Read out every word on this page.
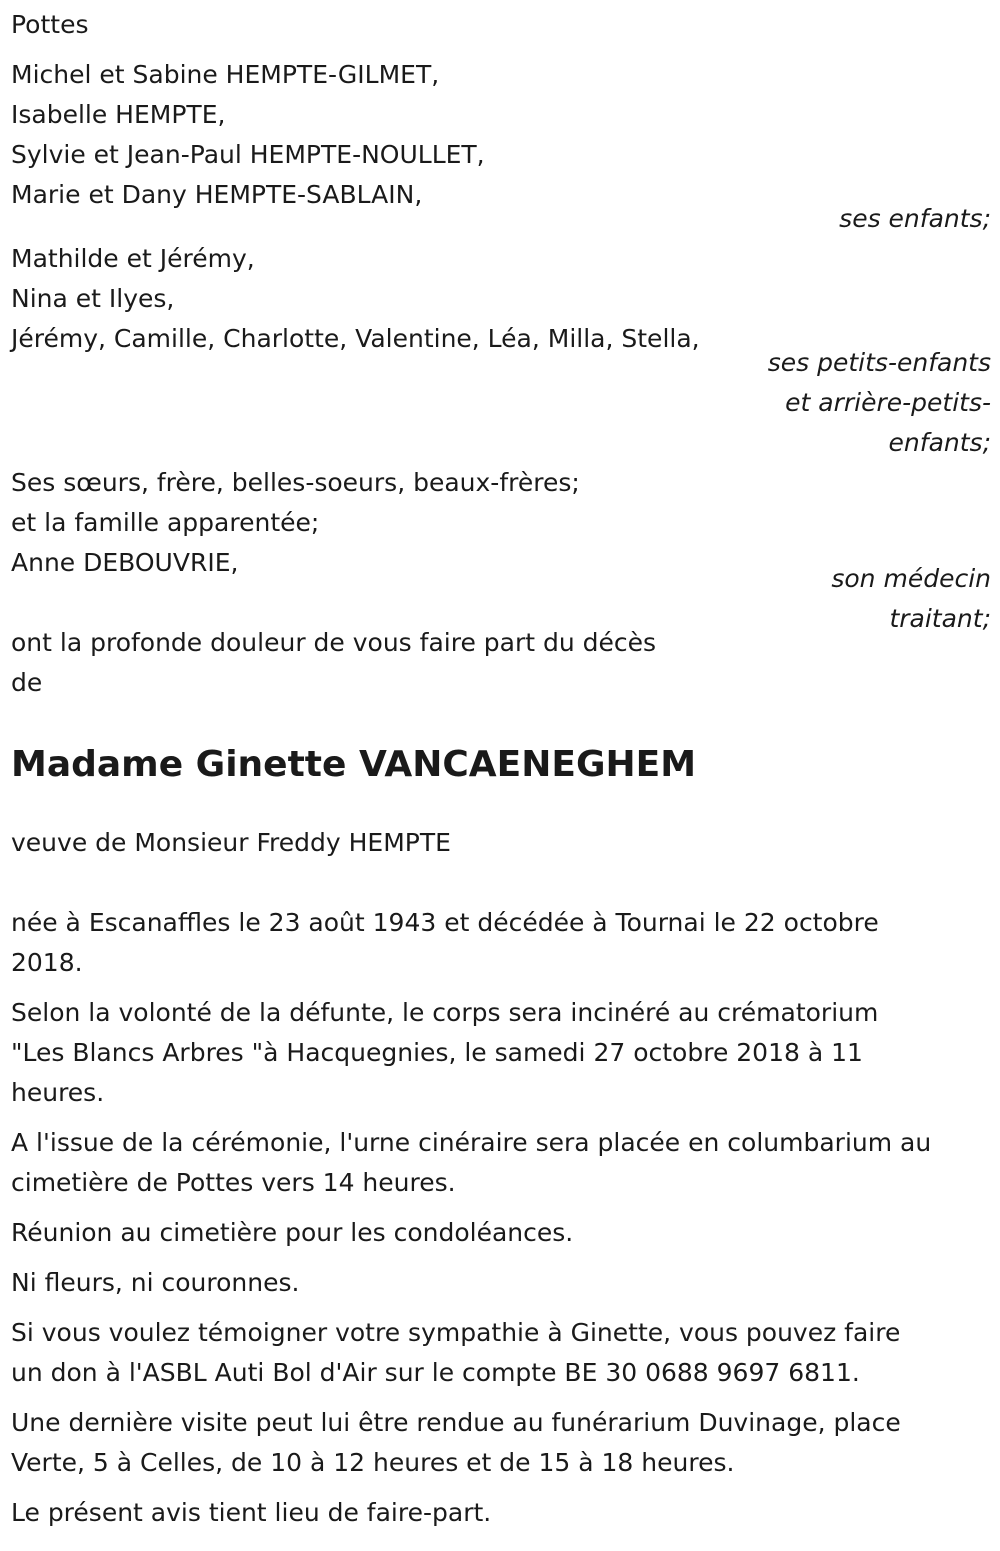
Pottes
Michel et Sabine HEMPTE-GILMET,
Isabelle HEMPTE,
Sylvie et Jean-Paul HEMPTE-NOULLET,
Marie et Dany HEMPTE-SABLAIN,
ses enfants;
Mathilde et Jérémy,
Nina et Ilyes,
Jérémy, Camille, Charlotte, Valentine, Léa, Milla, Stella,
ses petits-enfants
et arrière-petits-
enfants;
Ses sœurs, frère, belles-soeurs, beaux-frères;
et la famille apparentée;
Anne DEBOUVRIE,
son médecin
traitant;
ont la profonde douleur de vous faire part du décès
de
Madame Ginette VANCAENEGHEM
veuve de Monsieur Freddy HEMPTE
née à Escanaffles le 23 août 1943 et décédée à Tournai le 22 octobre
2018.
Selon la volonté de la défunte, le corps sera incinéré au crématorium
"Les Blancs Arbres "à Hacquegnies, le samedi 27 octobre 2018 à 11
heures.
A l'issue de la cérémonie, l'urne cinéraire sera placée en columbarium au
cimetière de Pottes vers 14 heures.
Réunion au cimetière pour les condoléances.
Ni fleurs, ni couronnes.
Si vous voulez témoigner votre sympathie à Ginette, vous pouvez faire
un don à l'ASBL Auti Bol d'Air sur le compte BE 30 0688 9697 6811.
Une dernière visite peut lui être rendue au funérarium Duvinage, place
Verte, 5 à Celles, de 10 à 12 heures et de 15 à 18 heures.
Le présent avis tient lieu de faire-part.
